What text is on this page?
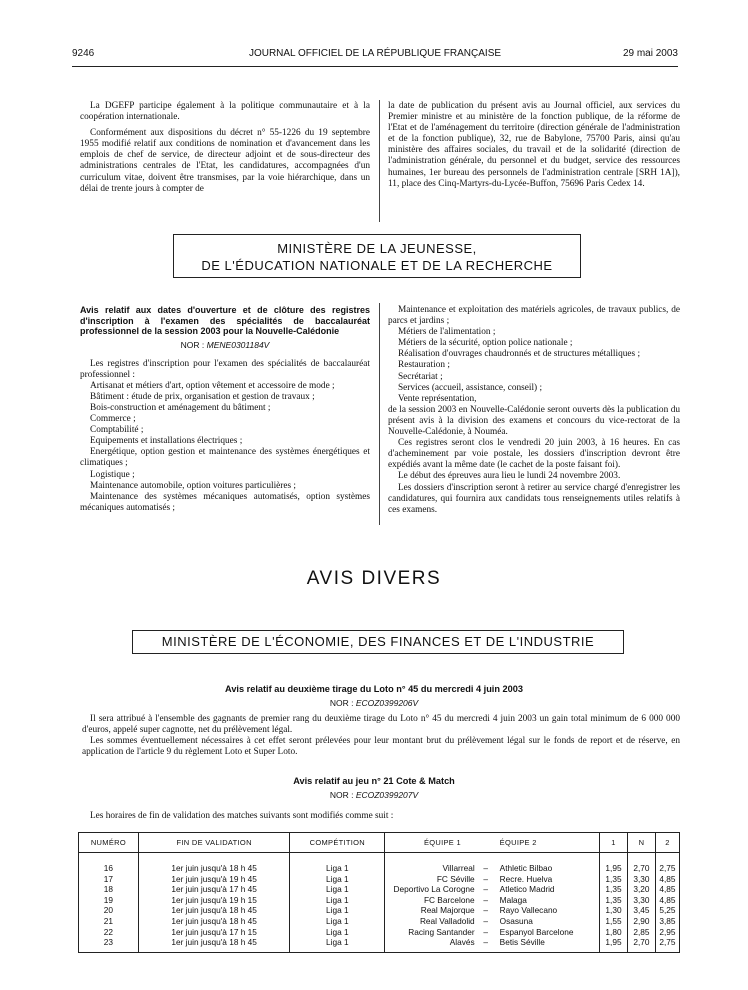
9246	JOURNAL OFFICIEL DE LA RÉPUBLIQUE FRANÇAISE	29 mai 2003

La DGEFP participe également à la politique communautaire et à la coopération internationale.

Conformément aux dispositions du décret n° 55-1226 du 19 septembre 1955 modifié relatif aux conditions de nomination et d'avancement dans les emplois de chef de service, de directeur adjoint et de sous-directeur des administrations centrales de l'Etat, les candidatures, accompagnées d'un curriculum vitae, doivent être transmises, par la voie hiérarchique, dans un délai de trente jours à compter de

la date de publication du présent avis au Journal officiel, aux services du Premier ministre et au ministère de la fonction publique, de la réforme de l'Etat et de l'aménagement du territoire (direction générale de l'administration et de la fonction publique), 32, rue de Babylone, 75700 Paris, ainsi qu'au ministère des affaires sociales, du travail et de la solidarité (direction de l'administration générale, du personnel et du budget, service des ressources humaines, 1er bureau des personnels de l'administration centrale [SRH 1A]), 11, place des Cinq-Martyrs-du-Lycée-Buffon, 75696 Paris Cedex 14.

MINISTÈRE DE LA JEUNESSE,
DE L'ÉDUCATION NATIONALE ET DE LA RECHERCHE
Avis relatif aux dates d'ouverture et de clôture des registres d'inscription à l'examen des spécialités de baccalauréat professionnel de la session 2003 pour la Nouvelle-Calédonie
NOR : MENE0301184V

Les registres d'inscription pour l'examen des spécialités de baccalauréat professionnel :

Artisanat et métiers d'art, option vêtement et accessoire de mode ;

Bâtiment : étude de prix, organisation et gestion de travaux ;

Bois-construction et aménagement du bâtiment ;

Commerce ;

Comptabilité ;

Equipements et installations électriques ;

Energétique, option gestion et maintenance des systèmes énergétiques et climatiques ;

Logistique ;

Maintenance automobile, option voitures particulières ;

Maintenance des systèmes mécaniques automatisés, option systèmes mécaniques automatisés ;

Maintenance et exploitation des matériels agricoles, de travaux publics, de parcs et jardins ;

Métiers de l'alimentation ;

Métiers de la sécurité, option police nationale ;

Réalisation d'ouvrages chaudronnés et de structures métalliques ;

Restauration ;

Secrétariat ;

Services (accueil, assistance, conseil) ;

Vente représentation,

de la session 2003 en Nouvelle-Calédonie seront ouverts dès la publication du présent avis à la division des examens et concours du vice-rectorat de la Nouvelle-Calédonie, à Nouméa.

Ces registres seront clos le vendredi 20 juin 2003, à 16 heures. En cas d'acheminement par voie postale, les dossiers d'inscription devront être expédiés avant la même date (le cachet de la poste faisant foi).

Le début des épreuves aura lieu le lundi 24 novembre 2003.

Les dossiers d'inscription seront à retirer au service chargé d'enregistrer les candidatures, qui fournira aux candidats tous renseignements utiles relatifs à ces examens.

AVIS DIVERS
MINISTÈRE DE L'ÉCONOMIE, DES FINANCES ET DE L'INDUSTRIE
Avis relatif au deuxième tirage du Loto n° 45 du mercredi 4 juin 2003
NOR : ECOZ0399206V

Il sera attribué à l'ensemble des gagnants de premier rang du deuxième tirage du Loto n° 45 du mercredi 4 juin 2003 un gain total minimum de 6 000 000 d'euros, appelé super cagnotte, net du prélèvement légal.

Les sommes éventuellement nécessaires à cet effet seront prélevées pour leur montant brut du prélèvement légal sur le fonds de report et de réserve, en application de l'article 9 du règlement Loto et Super Loto.

Avis relatif au jeu n° 21 Cote & Match
NOR : ECOZ0399207V

Les horaires de fin de validation des matches suivants sont modifiés comme suit :

NUMÉRO	FIN DE VALIDATION	COMPÉTITION	ÉQUIPE 1	ÉQUIPE 2	1	N	2
16	1er juin jusqu'à 18 h 45	Liga 1	Villarreal –	Athletic Bilbao	1,95	2,70	2,75
17	1er juin jusqu'à 19 h 45	Liga 1	FC Séville –	Recre. Huelva	1,35	3,30	4,85
18	1er juin jusqu'à 17 h 45	Liga 1	Deportivo La Corogne –	Atletico Madrid	1,35	3,20	4,85
19	1er juin jusqu'à 19 h 15	Liga 1	FC Barcelone –	Malaga	1,35	3,30	4,85
20	1er juin jusqu'à 18 h 45	Liga 1	Real Majorque –	Rayo Vallecano	1,30	3,45	5,25
21	1er juin jusqu'à 18 h 45	Liga 1	Real Valladolid –	Osasuna	1,55	2,90	3,85
22	1er juin jusqu'à 17 h 15	Liga 1	Racing Santander –	Espanyol Barcelone	1,80	2,85	2,95
23	1er juin jusqu'à 18 h 45	Liga 1	Alavés –	Betis Séville	1,95	2,70	2,75
